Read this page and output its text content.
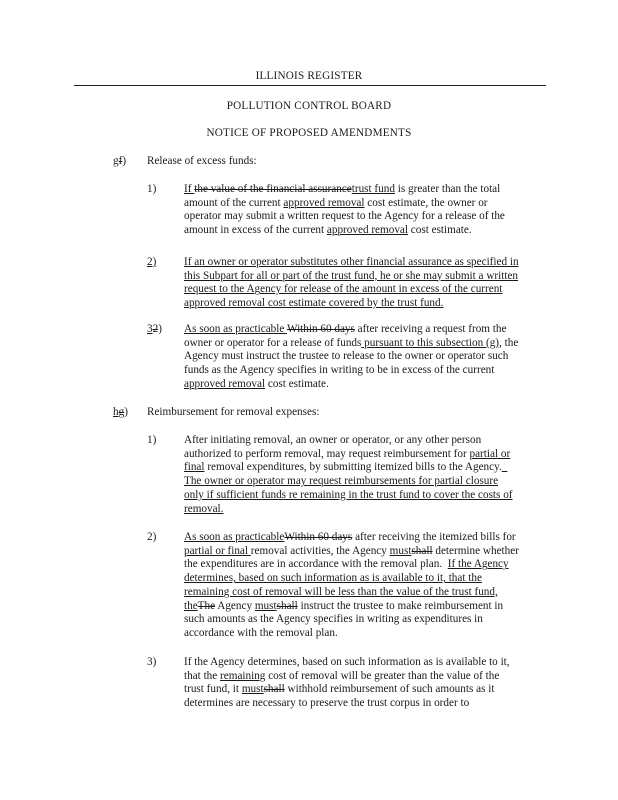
ILLINOIS REGISTER
POLLUTION CONTROL BOARD
NOTICE OF PROPOSED AMENDMENTS
gf) Release of excess funds:
1) If the value of the financial assurancetrust fund is greater than the total
amount of the current approved removal cost estimate, the owner or
operator may submit a written request to the Agency for a release of the
amount in excess of the current approved removal cost estimate.
2) If an owner or operator substitutes other financial assurance as specified in
this Subpart for all or part of the trust fund, he or she may submit a written
request to the Agency for release of the amount in excess of the current
approved removal cost estimate covered by the trust fund.
32) As soon as practicable Within 60 days after receiving a request from the
owner or operator for a release of funds pursuant to this subsection (g), the
Agency must instruct the trustee to release to the owner or operator such
funds as the Agency specifies in writing to be in excess of the current
approved removal cost estimate.
hg) Reimbursement for removal expenses:
1) After initiating removal, an owner or operator, or any other person
authorized to perform removal, may request reimbursement for partial or
final removal expenditures, by submitting itemized bills to the Agency.
The owner or operator may request reimbursements for partial closure
only if sufficient funds re remaining in the trust fund to cover the costs of
removal.
2) As soon as practicableWithin 60 days after receiving the itemized bills for
partial or final removal activities, the Agency mustshall determine whether
the expenditures are in accordance with the removal plan.  If the Agency
determines, based on such information as is available to it, that the
remaining cost of removal will be less than the value of the trust fund,
theThe Agency mustshall instruct the trustee to make reimbursement in
such amounts as the Agency specifies in writing as expenditures in
accordance with the removal plan.
3) If the Agency determines, based on such information as is available to it,
that the remaining cost of removal will be greater than the value of the
trust fund, it mustshall withhold reimbursement of such amounts as it
determines are necessary to preserve the trust corpus in order to
